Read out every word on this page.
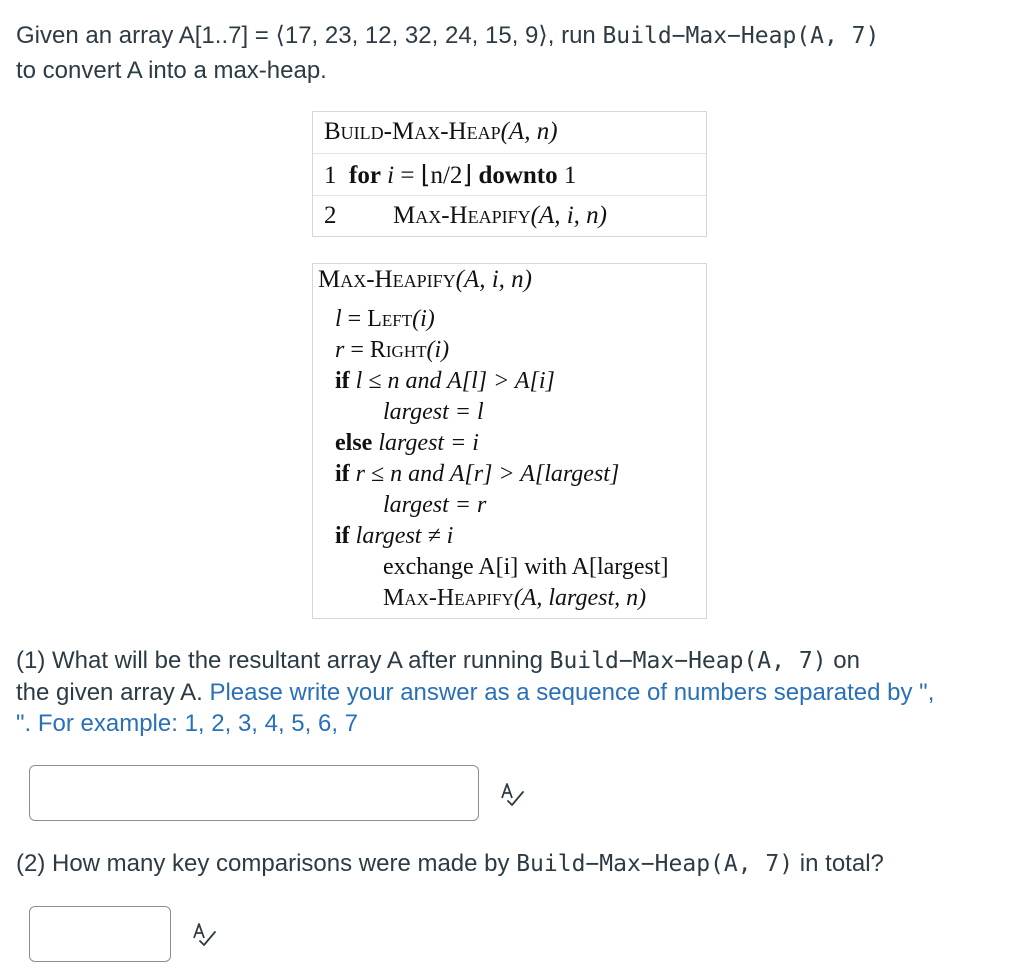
Given an array A[1..7] = ⟨17, 23, 12, 32, 24, 15, 9⟩, run Build−Max−Heap(A, 7)
to convert A into a max-heap.
Build-Max-Heap(A, n)
1 for i = ⌊n/2⌋ downto 1
2 Max-Heapify(A, i, n)
Max-Heapify(A, i, n)
l = Left(i)
r = Right(i)
if l ≤ n and A[l] > A[i]
largest = l
else largest = i
if r ≤ n and A[r] > A[largest]
largest = r
if largest ≠ i
exchange A[i] with A[largest]
Max-Heapify(A, largest, n)
(1) What will be the resultant array A after running Build−Max−Heap(A, 7) on
the given array A. Please write your answer as a sequence of numbers separated by ",
". For example: 1, 2, 3, 4, 5, 6, 7
(2) How many key comparisons were made by Build−Max−Heap(A, 7) in total?
